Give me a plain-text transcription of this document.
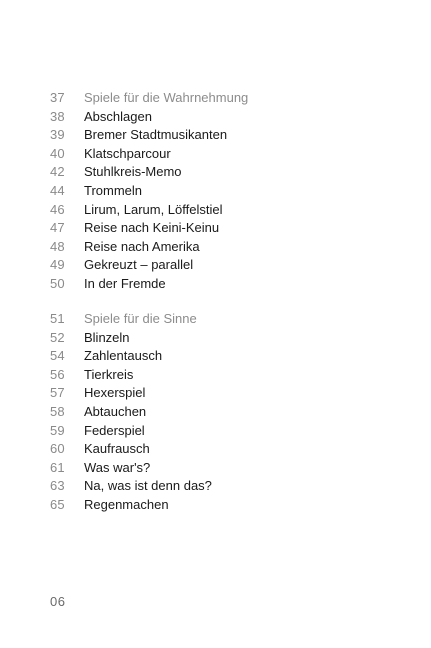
37	Spiele für die Wahrnehmung
38	Abschlagen
39	Bremer Stadtmusikanten
40	Klatschparcour
42	Stuhlkreis-Memo
44	Trommeln
46	Lirum, Larum, Löffelstiel
47	Reise nach Keini-Keinu
48	Reise nach Amerika
49	Gekreuzt – parallel
50	In der Fremde
51	Spiele für die Sinne
52	Blinzeln
54	Zahlentausch
56	Tierkreis
57	Hexerspiel
58	Abtauchen
59	Federspiel
60	Kaufrausch
61	Was war's?
63	Na, was ist denn das?
65	Regenmachen
06
